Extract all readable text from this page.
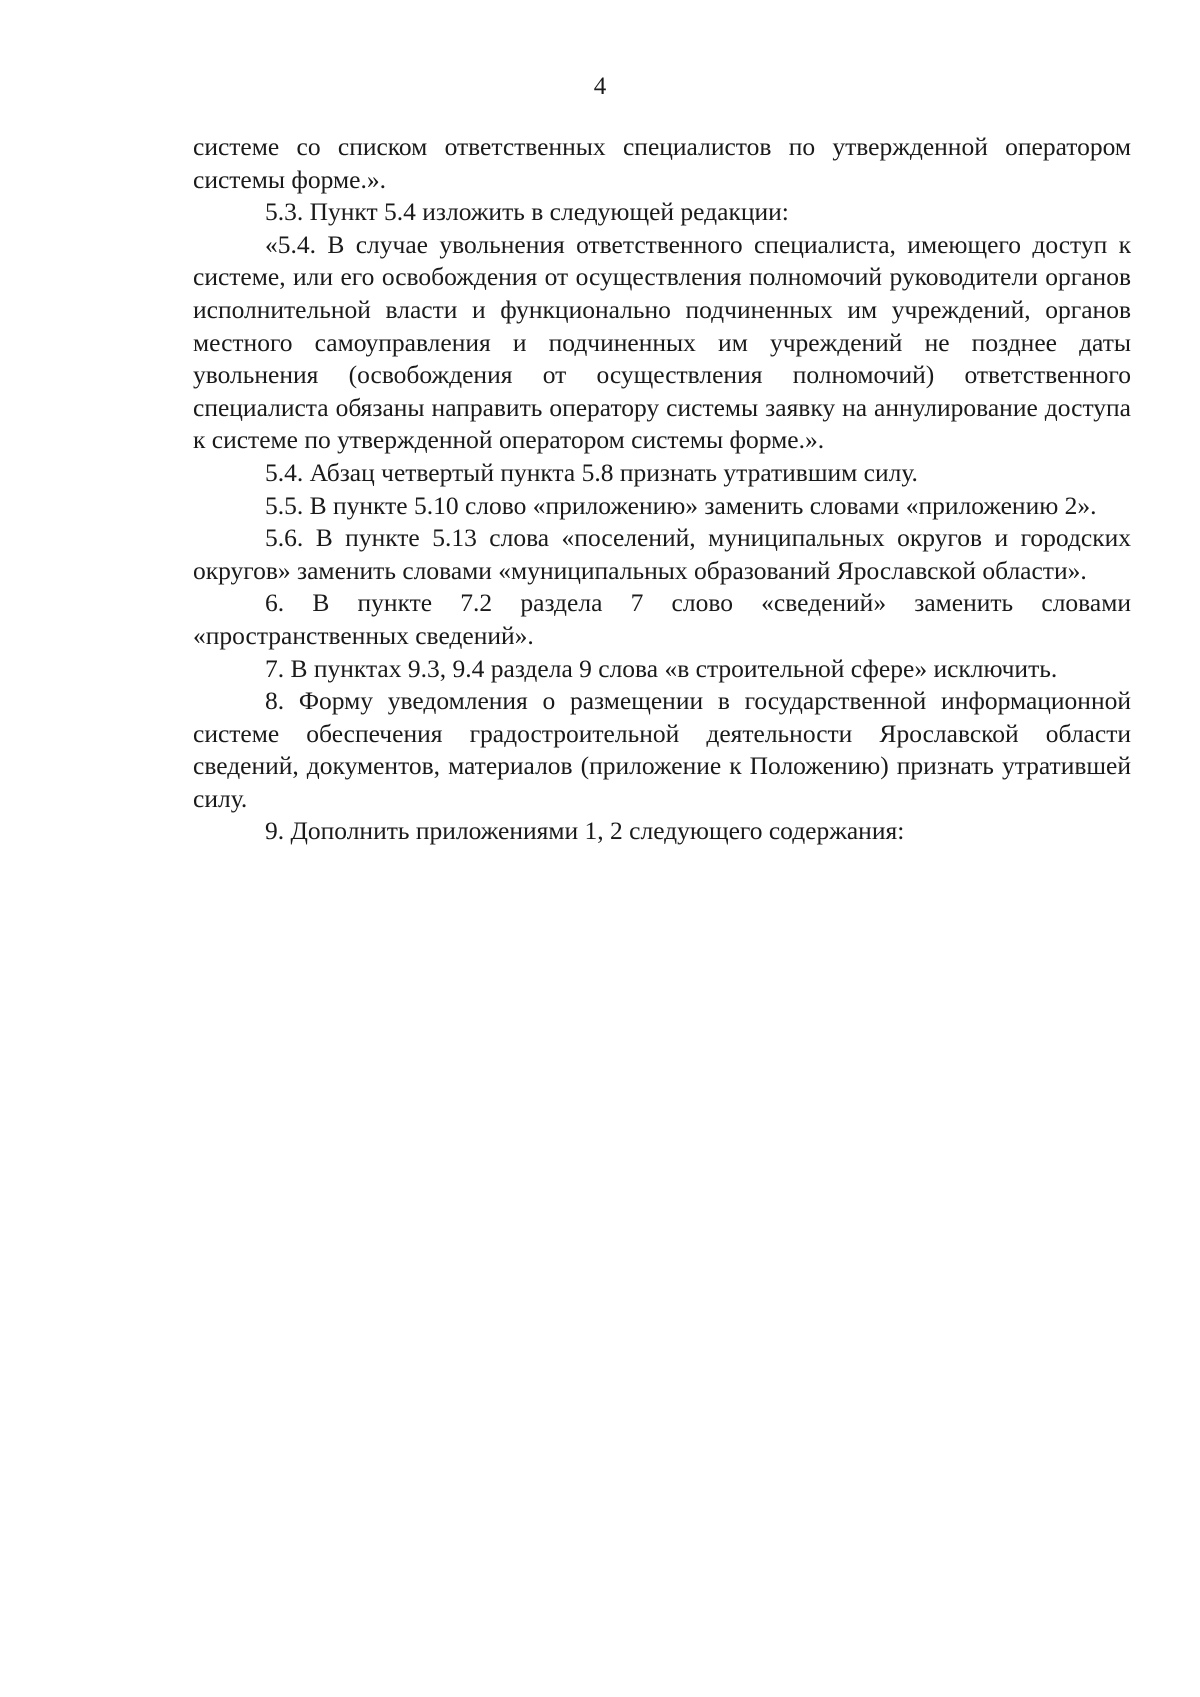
4

системе со списком ответственных специалистов по утвержденной оператором системы форме.».

5.3. Пункт 5.4 изложить в следующей редакции:

«5.4. В случае увольнения ответственного специалиста, имеющего доступ к системе, или его освобождения от осуществления полномочий руководители органов исполнительной власти и функционально подчиненных им учреждений, органов местного самоуправления и подчиненных им учреждений не позднее даты увольнения (освобождения от осуществления полномочий) ответственного специалиста обязаны направить оператору системы заявку на аннулирование доступа к системе по утвержденной оператором системы форме.».

5.4. Абзац четвертый пункта 5.8 признать утратившим силу.

5.5. В пункте 5.10 слово «приложению» заменить словами «приложению 2».

5.6. В пункте 5.13 слова «поселений, муниципальных округов и городских округов» заменить словами «муниципальных образований Ярославской области».

6. В пункте 7.2 раздела 7 слово «сведений» заменить словами «пространственных сведений».

7. В пунктах 9.3, 9.4 раздела 9 слова «в строительной сфере» исключить.

8. Форму уведомления о размещении в государственной информационной системе обеспечения градостроительной деятельности Ярославской области сведений, документов, материалов (приложение к Положению) признать утратившей силу.

9. Дополнить приложениями 1, 2 следующего содержания:
